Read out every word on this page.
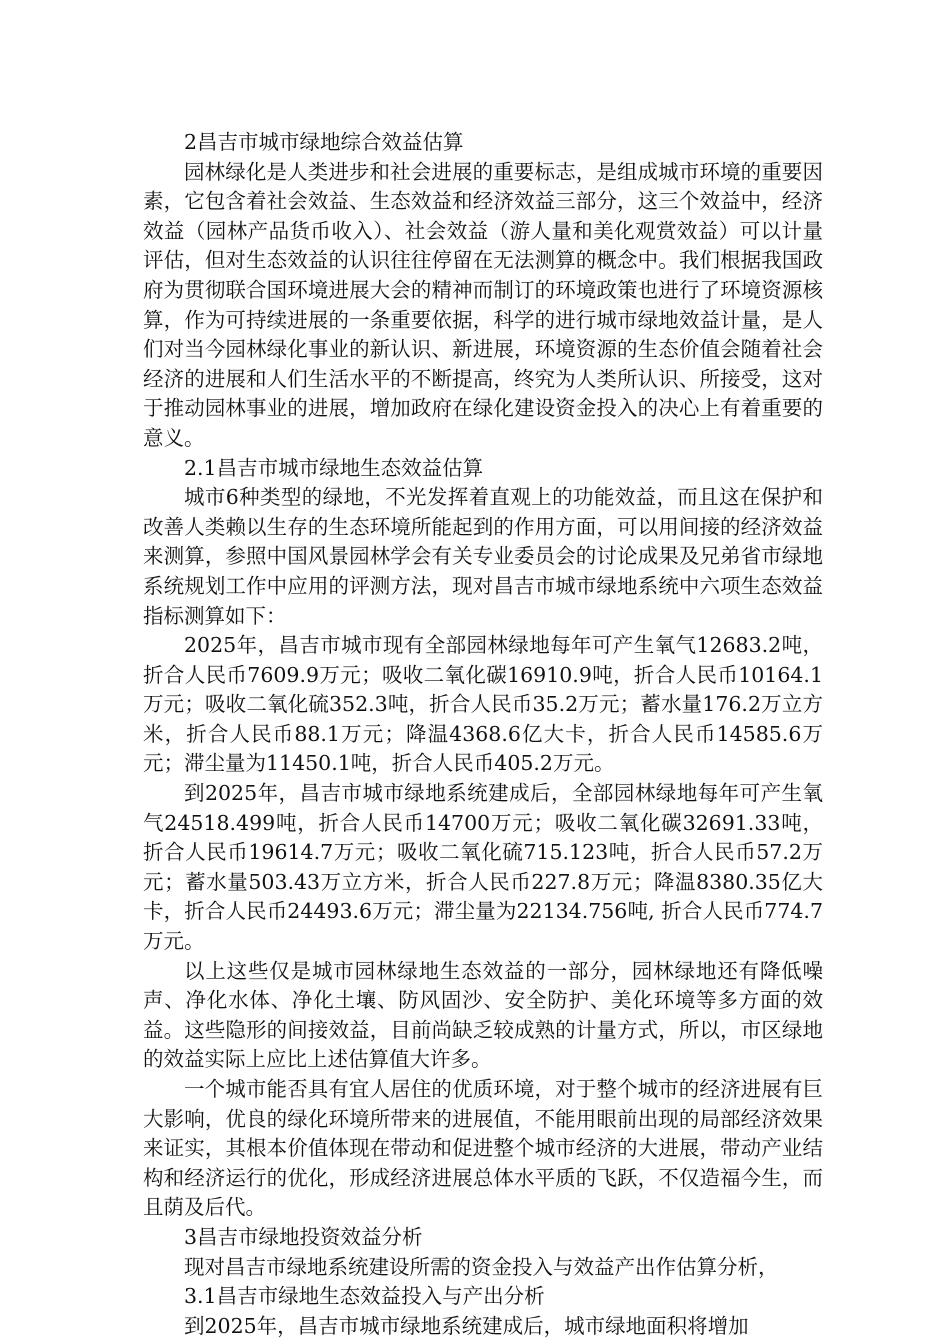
2昌吉市城市绿地综合效益估算

园林绿化是人类进步和社会进展的重要标志，是组成城市环境的重要因素，它包含着社会效益、生态效益和经济效益三部分，这三个效益中，经济效益（园林产品货币收入）、社会效益（游人量和美化观赏效益）可以计量评估，但对生态效益的认识往往停留在无法测算的概念中。我们根据我国政府为贯彻联合国环境进展大会的精神而制订的环境政策也进行了环境资源核算，作为可持续进展的一条重要依据，科学的进行城市绿地效益计量，是人们对当今园林绿化事业的新认识、新进展，环境资源的生态价值会随着社会经济的进展和人们生活水平的不断提高，终究为人类所认识、所接受，这对于推动园林事业的进展，增加政府在绿化建设资金投入的决心上有着重要的意义。

2.1昌吉市城市绿地生态效益估算

城市6种类型的绿地，不光发挥着直观上的功能效益，而且这在保护和改善人类赖以生存的生态环境所能起到的作用方面，可以用间接的经济效益来测算，参照中国风景园林学会有关专业委员会的讨论成果及兄弟省市绿地系统规划工作中应用的评测方法，现对昌吉市城市绿地系统中六项生态效益指标测算如下：

2025年，昌吉市城市现有全部园林绿地每年可产生氧气12683.2吨，折合人民币7609.9万元；吸收二氧化碳16910.9吨，折合人民币10164.1万元；吸收二氧化硫352.3吨，折合人民币35.2万元；蓄水量176.2万立方米，折合人民币88.1万元；降温4368.6亿大卡，折合人民币14585.6万元；滞尘量为11450.1吨，折合人民币405.2万元。

到2025年，昌吉市城市绿地系统建成后，全部园林绿地每年可产生氧气24518.499吨，折合人民币14700万元；吸收二氧化碳32691.33吨，折合人民币19614.7万元；吸收二氧化硫715.123吨，折合人民币57.2万元；蓄水量503.43万立方米，折合人民币227.8万元；降温8380.35亿大卡，折合人民币24493.6万元；滞尘量为22134.756吨, 折合人民币774.7万元。

以上这些仅是城市园林绿地生态效益的一部分，园林绿地还有降低噪声、净化水体、净化土壤、防风固沙、安全防护、美化环境等多方面的效益。这些隐形的间接效益，目前尚缺乏较成熟的计量方式，所以，市区绿地的效益实际上应比上述估算值大许多。

一个城市能否具有宜人居住的优质环境，对于整个城市的经济进展有巨大影响，优良的绿化环境所带来的进展值，不能用眼前出现的局部经济效果来证实，其根本价值体现在带动和促进整个城市经济的大进展，带动产业结构和经济运行的优化，形成经济进展总体水平质的飞跃，不仅造福今生，而且荫及后代。

3昌吉市绿地投资效益分析

现对昌吉市绿地系统建设所需的资金投入与效益产出作估算分析，

3.1昌吉市绿地生态效益投入与产出分析

到2025年，昌吉市城市绿地系统建成后，城市绿地面积将增加
